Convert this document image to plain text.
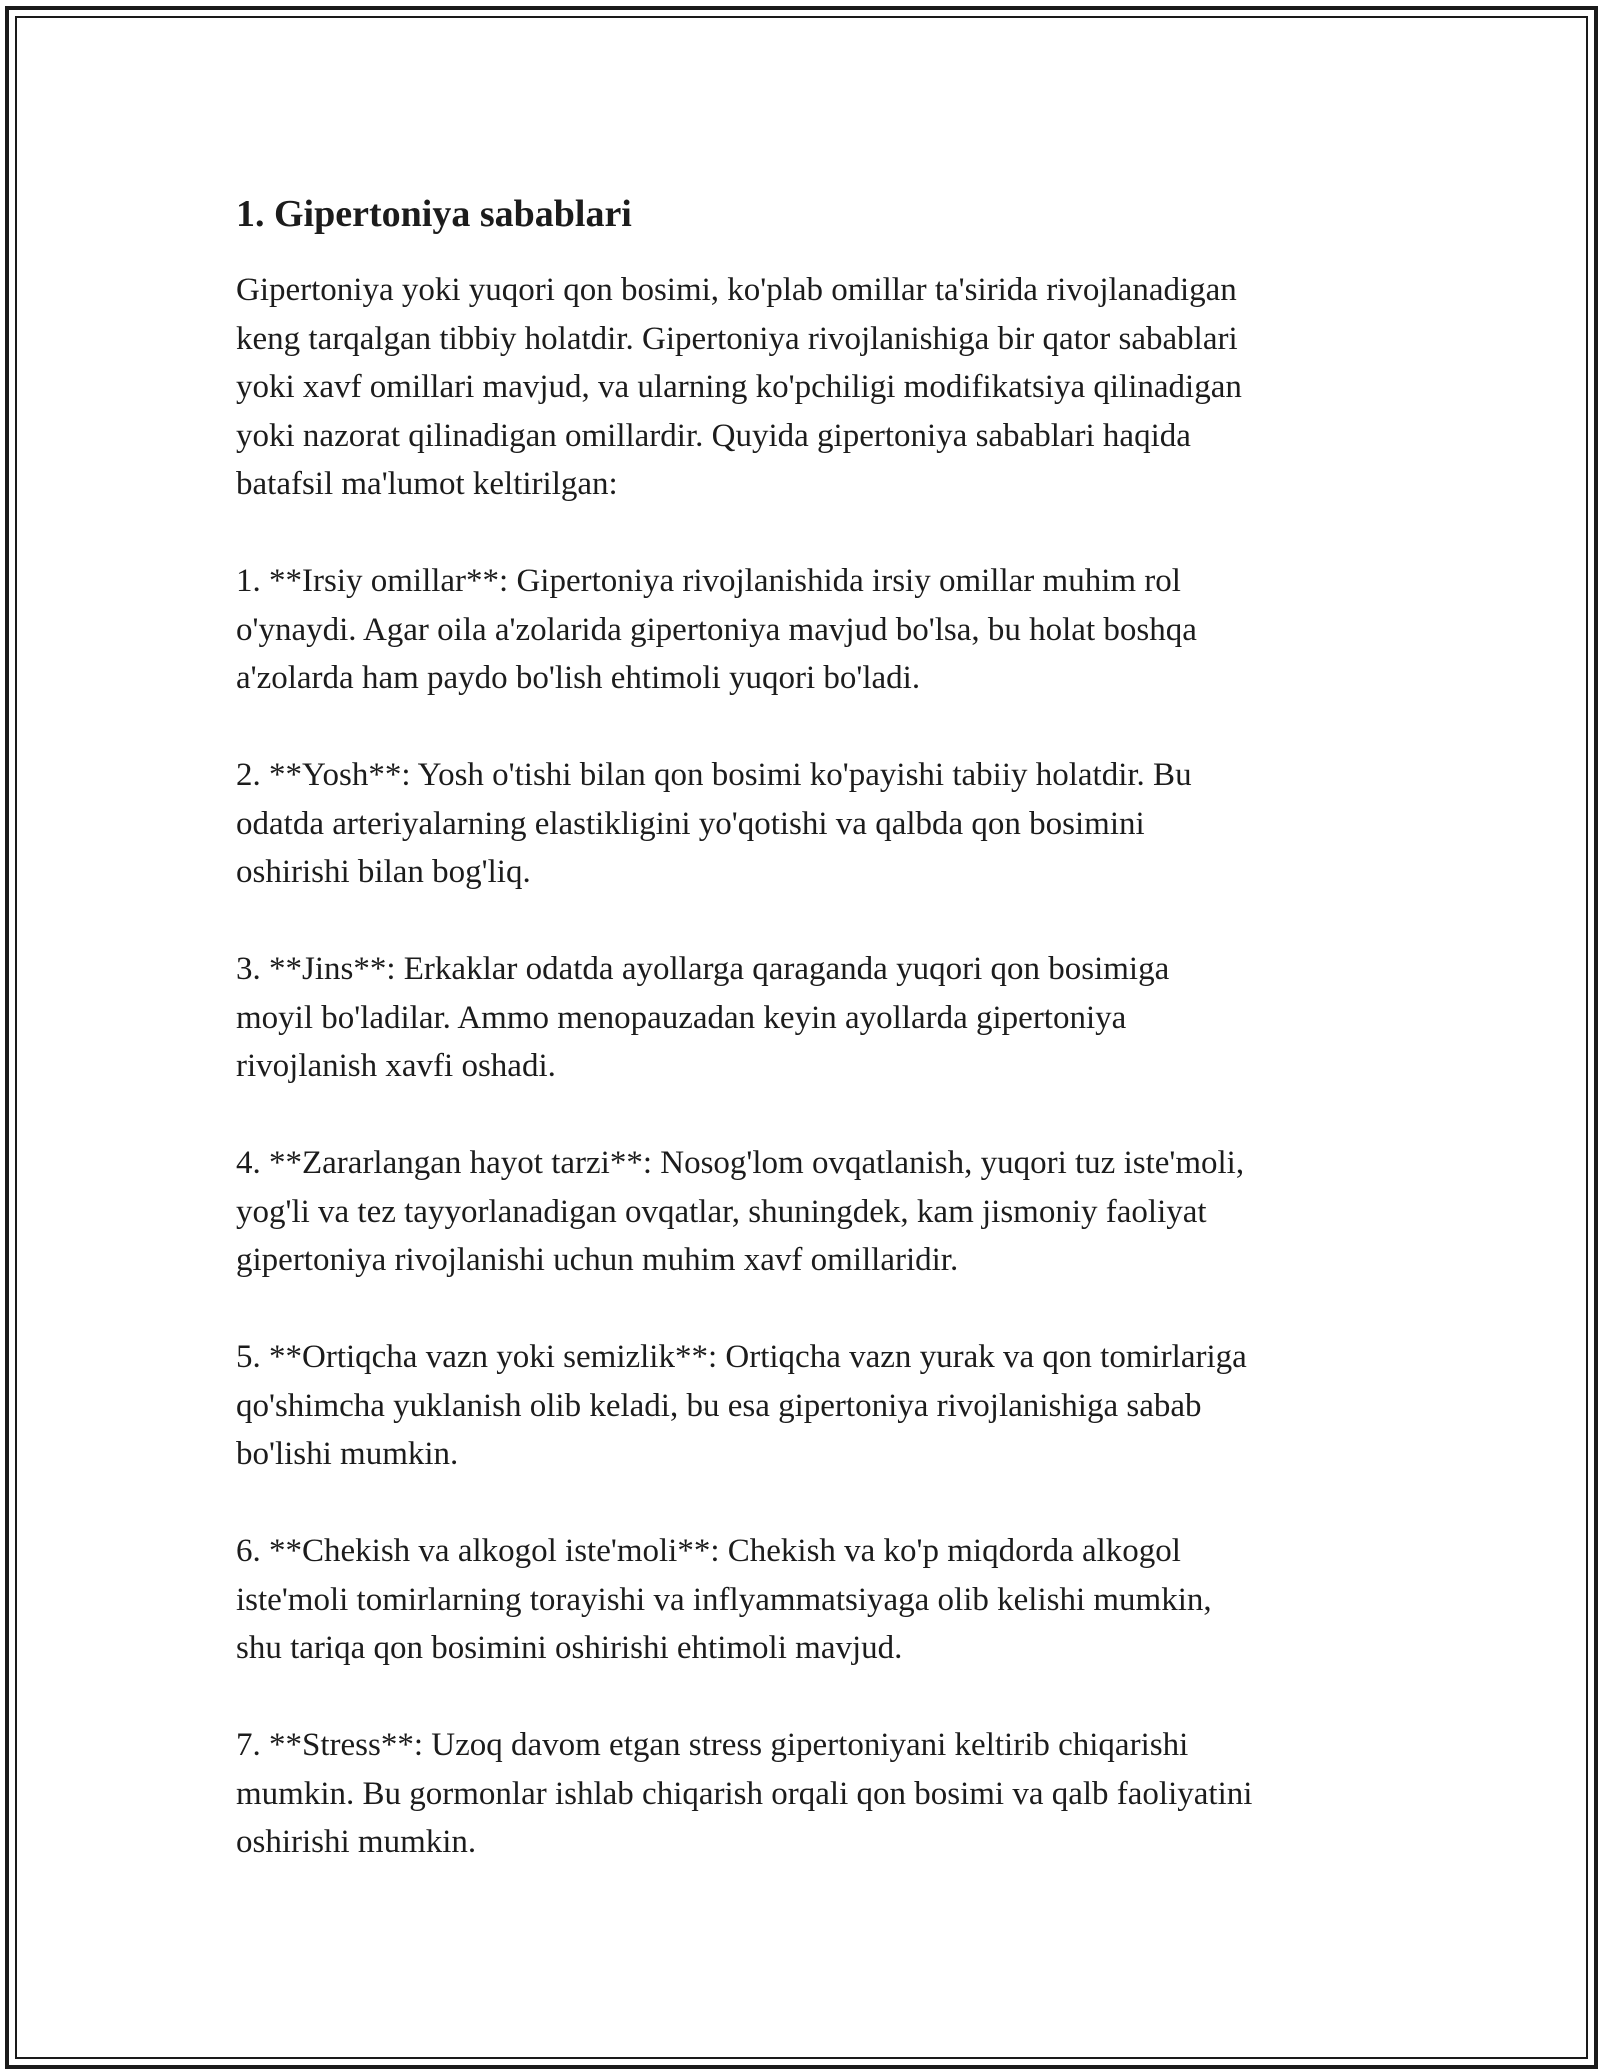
1. Gipertoniya sabablari

Gipertoniya yoki yuqori qon bosimi, ko'plab omillar ta'sirida rivojlanadigan
keng tarqalgan tibbiy holatdir. Gipertoniya rivojlanishiga bir qator sabablari
yoki xavf omillari mavjud, va ularning ko'pchiligi modifikatsiya qilinadigan
yoki nazorat qilinadigan omillardir. Quyida gipertoniya sabablari haqida
batafsil ma'lumot keltirilgan:

1. **Irsiy omillar**: Gipertoniya rivojlanishida irsiy omillar muhim rol
o'ynaydi. Agar oila a'zolarida gipertoniya mavjud bo'lsa, bu holat boshqa
a'zolarda ham paydo bo'lish ehtimoli yuqori bo'ladi.

2. **Yosh**: Yosh o'tishi bilan qon bosimi ko'payishi tabiiy holatdir. Bu
odatda arteriyalarning elastikligini yo'qotishi va qalbda qon bosimini
oshirishi bilan bog'liq.

3. **Jins**: Erkaklar odatda ayollarga qaraganda yuqori qon bosimiga
moyil bo'ladilar. Ammo menopauzadan keyin ayollarda gipertoniya
rivojlanish xavfi oshadi.

4. **Zararlangan hayot tarzi**: Nosog'lom ovqatlanish, yuqori tuz iste'moli,
yog'li va tez tayyorlanadigan ovqatlar, shuningdek, kam jismoniy faoliyat
gipertoniya rivojlanishi uchun muhim xavf omillaridir.

5. **Ortiqcha vazn yoki semizlik**: Ortiqcha vazn yurak va qon tomirlariga
qo'shimcha yuklanish olib keladi, bu esa gipertoniya rivojlanishiga sabab
bo'lishi mumkin.

6. **Chekish va alkogol iste'moli**: Chekish va ko'p miqdorda alkogol
iste'moli tomirlarning torayishi va inflyammatsiyaga olib kelishi mumkin,
shu tariqa qon bosimini oshirishi ehtimoli mavjud.

7. **Stress**: Uzoq davom etgan stress gipertoniyani keltirib chiqarishi
mumkin. Bu gormonlar ishlab chiqarish orqali qon bosimi va qalb faoliyatini
oshirishi mumkin.
